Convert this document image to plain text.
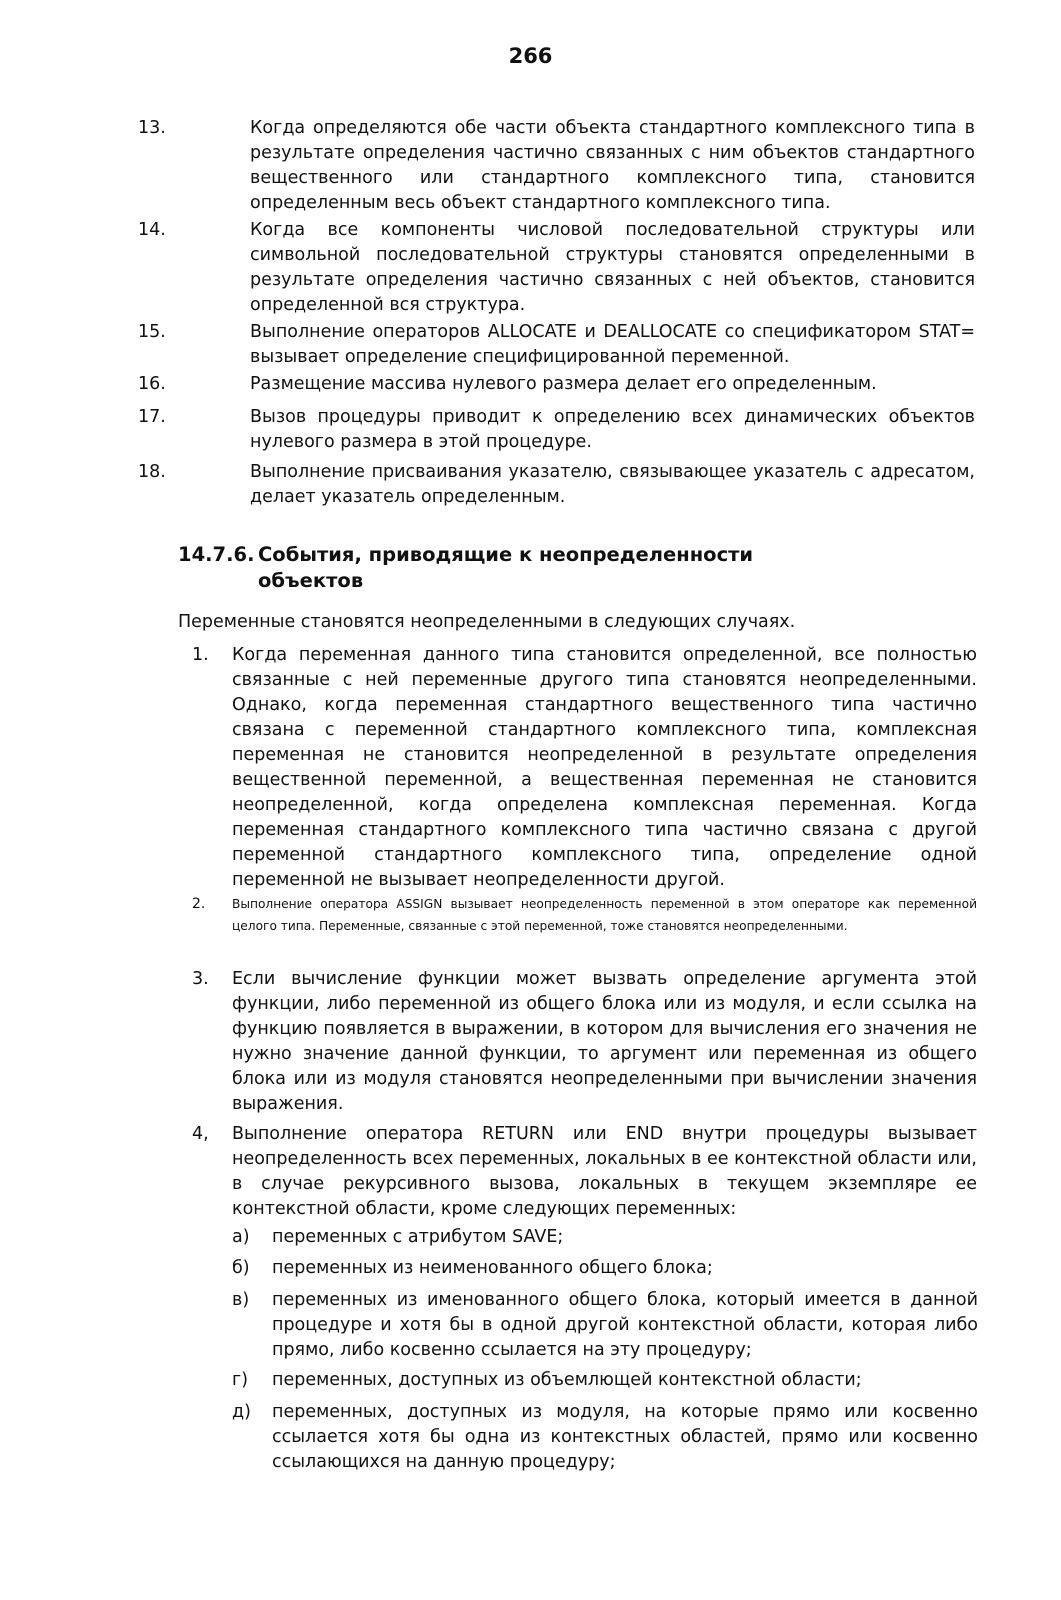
266
13.	Когда определяются обе части объекта стандартного комплексного типа в результате определения частично связанных с ним объектов стандартного вещественного или стандартного комплексного типа, становится определенным весь объект стандартного комплексного типа.
14.	Когда все компоненты числовой последовательной структуры или символьной последовательной структуры становятся определенными в результате определения частично связанных с ней объектов, становится определенной вся структура.
15.	Выполнение операторов ALLOCATE и DEALLOCATE со спецификатором STAT= вызывает определение специфицированной переменной.
16.	Размещение массива нулевого размера делает его определенным.
17.	Вызов процедуры приводит к определению всех динамических объектов нулевого размера в этой процедуре.
18.	Выполнение присваивания указателю, связывающее указатель с адресатом, делает указатель определенным.
14.7.6. События, приводящие к неопределенности объектов
Переменные становятся неопределенными в следующих случаях.
1.	Когда переменная данного типа становится определенной, все полностью связанные с ней переменные другого типа становятся неопределенными. Однако, когда переменная стандартного вещественного типа частично связана с переменной стандартного комплексного типа, комплексная переменная не становится неопределенной в результате определения вещественной переменной, а вещественная переменная не становится неопределенной, когда определена комплексная переменная. Когда переменная стандартного комплексного типа частично связана с другой переменной стандартного комплексного типа, определение одной переменной не вызывает неопределенности другой.
2.	Выполнение оператора ASSIGN вызывает неопределенность переменной в этом операторе как переменной целого типа. Переменные, связанные с этой переменной, тоже становятся неопределенными.
3.	Если вычисление функции может вызвать определение аргумента этой функции, либо переменной из общего блока или из модуля, и если ссылка на функцию появляется в выражении, в котором для вычисления его значения не нужно значение данной функции, то аргумент или переменная из общего блока или из модуля становятся неопределенными при вычислении значения выражения.
4,	Выполнение оператора RETURN или END внутри процедуры вызывает неопределенность всех переменных, локальных в ее контекстной области или, в случае рекурсивного вызова, локальных в текущем экземпляре ее контекстной области, кроме следующих переменных:
а)	переменных с атрибутом SAVE;
б)	переменных из неименованного общего блока;
в)	переменных из именованного общего блока, который имеется в данной процедуре и хотя бы в одной другой контекстной области, которая либо прямо, либо косвенно ссылается на эту процедуру;
г)	переменных, доступных из объемлющей контекстной области;
д)	переменных, доступных из модуля, на которые прямо или косвенно ссылается хотя бы одна из контекстных областей, прямо или косвенно ссылающихся на данную процедуру;
